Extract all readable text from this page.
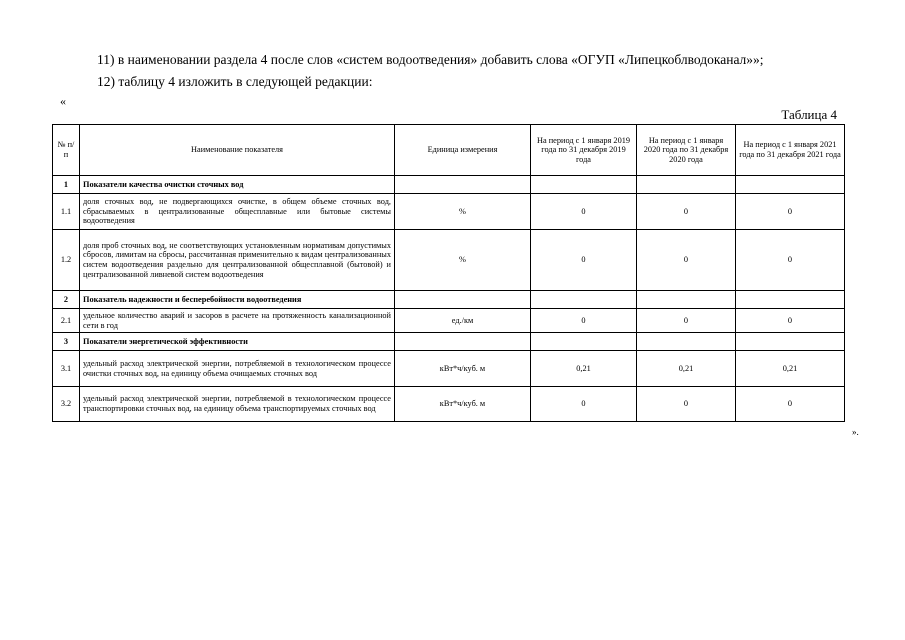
11) в наименовании раздела 4 после слов «систем водоотведения» добавить слова «ОГУП «Липецкоблводоканал»»;
12) таблицу 4 изложить в следующей редакции:
«
Таблица 4
№ п/п	Наименование показателя	Единица измерения	На период с 1 января 2019 года по 31 декабря 2019 года	На период с 1 января 2020 года по 31 декабря 2020 года	На период с 1 января 2021 года по 31 декабря 2021 года
1	Показатели качества очистки сточных вод				
1.1	доля сточных вод, не подвергающихся очистке, в общем объеме сточных вод, сбрасываемых в централизованные общесплавные или бытовые системы водоотведения	%	0	0	0
1.2	доля проб сточных вод, не соответствующих установленным нормативам допустимых сбросов, лимитам на сбросы, рассчитанная применительно к видам централизованных систем водоотведения раздельно для централизованной общесплавной (бытовой) и централизованной ливневой систем водоотведения	%	0	0	0
2	Показатель надежности и бесперебойности водоотведения				
2.1	удельное количество аварий и засоров в расчете на протяженность канализационной сети в год	ед./км	0	0	0
3	Показатели энергетической эффективности				
3.1	удельный расход электрической энергии, потребляемой в технологическом процессе очистки сточных вод, на единицу объема очищаемых сточных вод	кВт*ч/куб. м	0,21	0,21	0,21
3.2	удельный расход электрической энергии, потребляемой в технологическом процессе транспортировки сточных вод, на единицу объема транспортируемых сточных вод	кВт*ч/куб. м	0	0	0
».
